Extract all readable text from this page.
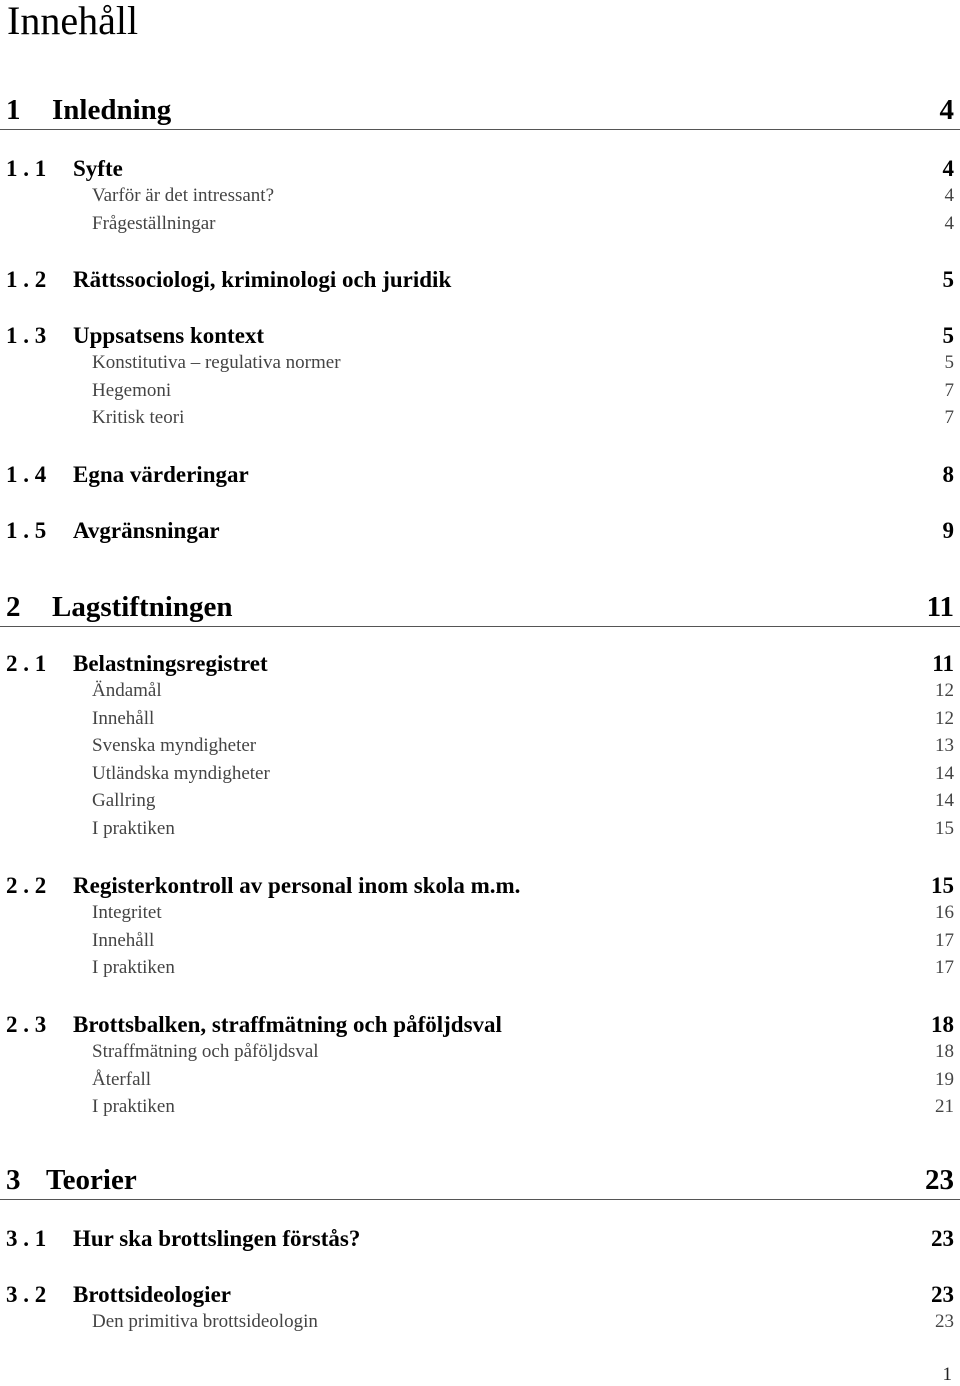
Innehåll
1 Inledning	4
1 . 1 Syfte	4
Varför är det intressant?	4
Frågeställningar	4
1 . 2 Rättssociologi, kriminologi och juridik	5
1 . 3 Uppsatsens kontext	5
Konstitutiva – regulativa normer	5
Hegemoni	7
Kritisk teori	7
1 . 4 Egna värderingar	8
1 . 5 Avgränsningar	9
2 Lagstiftningen	11
2 . 1 Belastningsregistret	11
Ändamål	12
Innehåll	12
Svenska myndigheter	13
Utländska myndigheter	14
Gallring	14
I praktiken	15
2 . 2 Registerkontroll av personal inom skola m.m.	15
Integritet	16
Innehåll	17
I praktiken	17
2 . 3 Brottsbalken, straffmätning och påföljdsval	18
Straffmätning och påföljdsval	18
Återfall	19
I praktiken	21
3 Teorier	23
3 . 1 Hur ska brottslingen förstås?	23
3 . 2 Brottsideologier	23
Den primitiva brottsideologin	23
1
